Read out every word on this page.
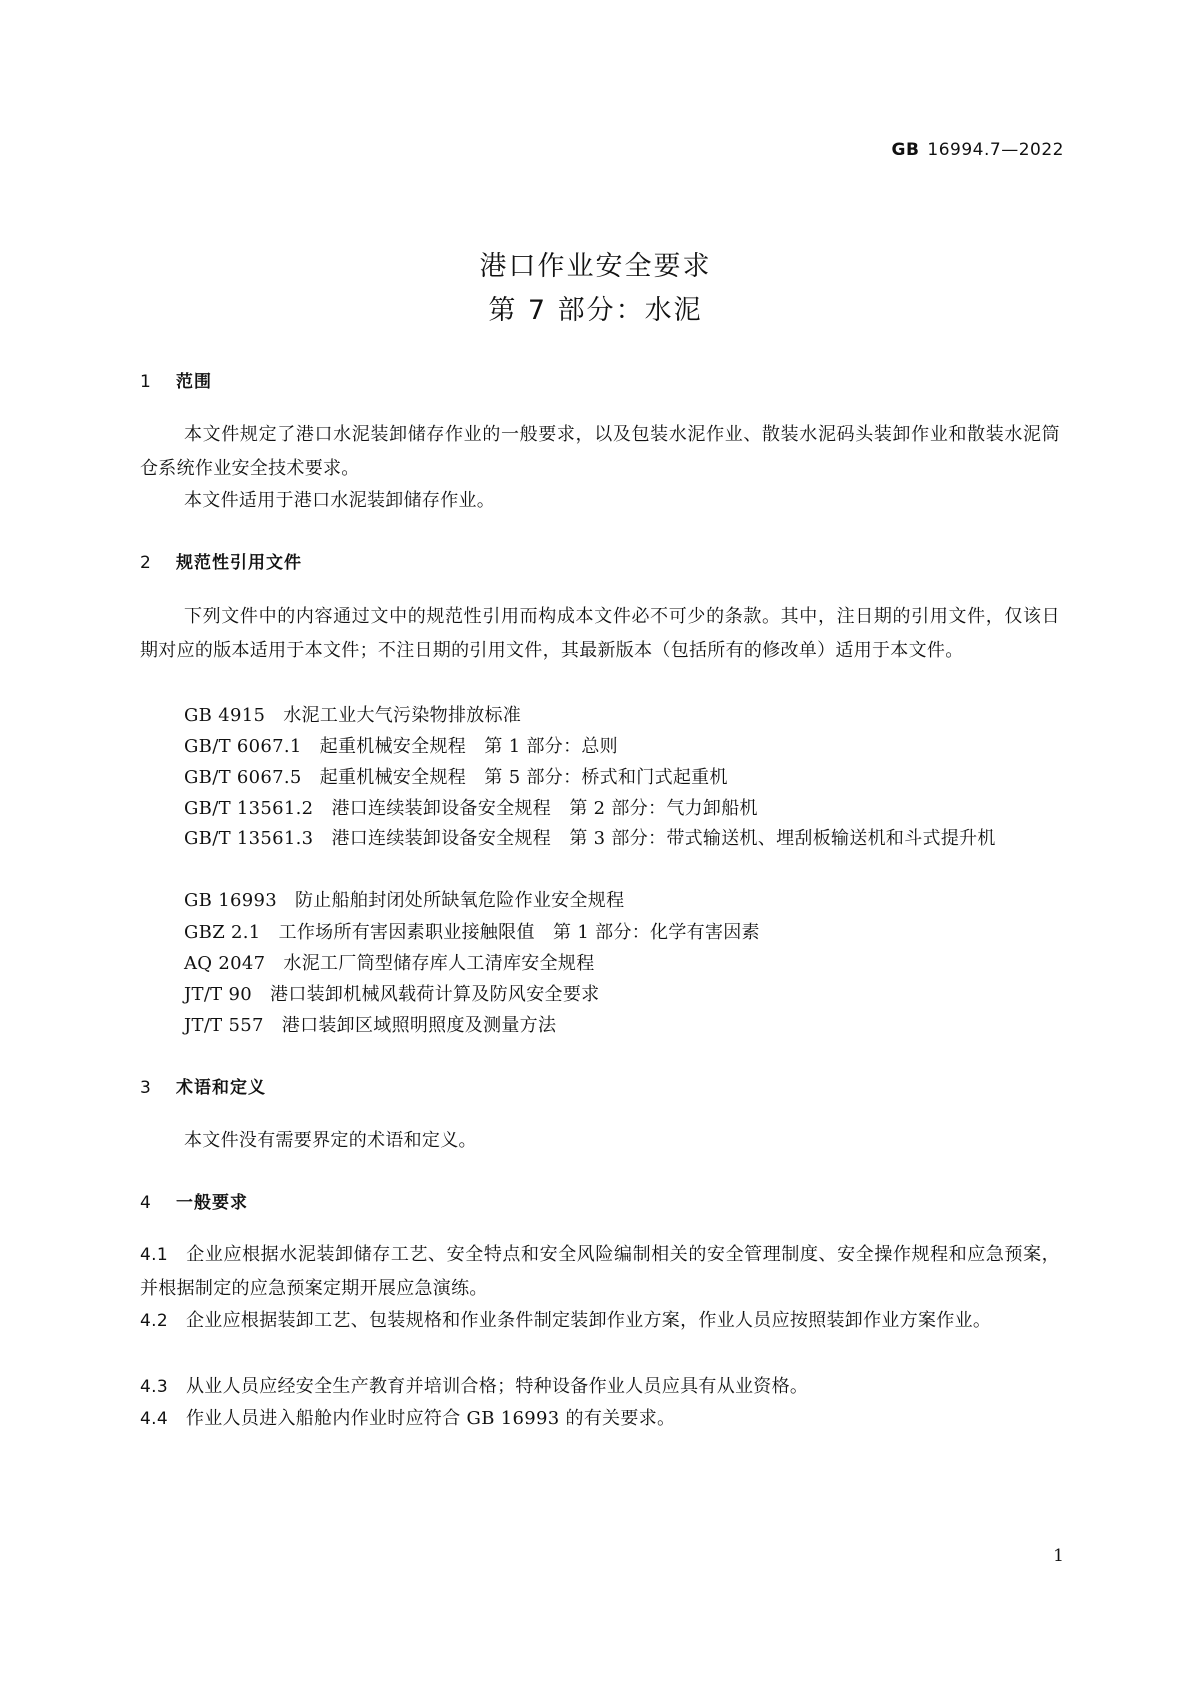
GB 16994.7—2022
港口作业安全要求
第 7 部分：水泥
1 范围
本文件规定了港口水泥装卸储存作业的一般要求，以及包装水泥作业、散装水泥码头装卸作业和散装水泥筒仓系统作业安全技术要求。
本文件适用于港口水泥装卸储存作业。
2 规范性引用文件
下列文件中的内容通过文中的规范性引用而构成本文件必不可少的条款。其中，注日期的引用文件，仅该日期对应的版本适用于本文件；不注日期的引用文件，其最新版本（包括所有的修改单）适用于本文件。
GB 4915 水泥工业大气污染物排放标准
GB/T 6067.1 起重机械安全规程　第 1 部分：总则
GB/T 6067.5 起重机械安全规程　第 5 部分：桥式和门式起重机
GB/T 13561.2 港口连续装卸设备安全规程　第 2 部分：气力卸船机
GB/T 13561.3 港口连续装卸设备安全规程　第 3 部分：带式输送机、埋刮板输送机和斗式提升机
GB 16993 防止船舶封闭处所缺氧危险作业安全规程
GBZ 2.1 工作场所有害因素职业接触限值　第 1 部分：化学有害因素
AQ 2047 水泥工厂筒型储存库人工清库安全规程
JT/T 90 港口装卸机械风载荷计算及防风安全要求
JT/T 557 港口装卸区域照明照度及测量方法
3 术语和定义
本文件没有需要界定的术语和定义。
4 一般要求
4.1 企业应根据水泥装卸储存工艺、安全特点和安全风险编制相关的安全管理制度、安全操作规程和应急预案，并根据制定的应急预案定期开展应急演练。
4.2 企业应根据装卸工艺、包装规格和作业条件制定装卸作业方案，作业人员应按照装卸作业方案作业。
4.3 从业人员应经安全生产教育并培训合格；特种设备作业人员应具有从业资格。
4.4 作业人员进入船舱内作业时应符合 GB 16993 的有关要求。
1
